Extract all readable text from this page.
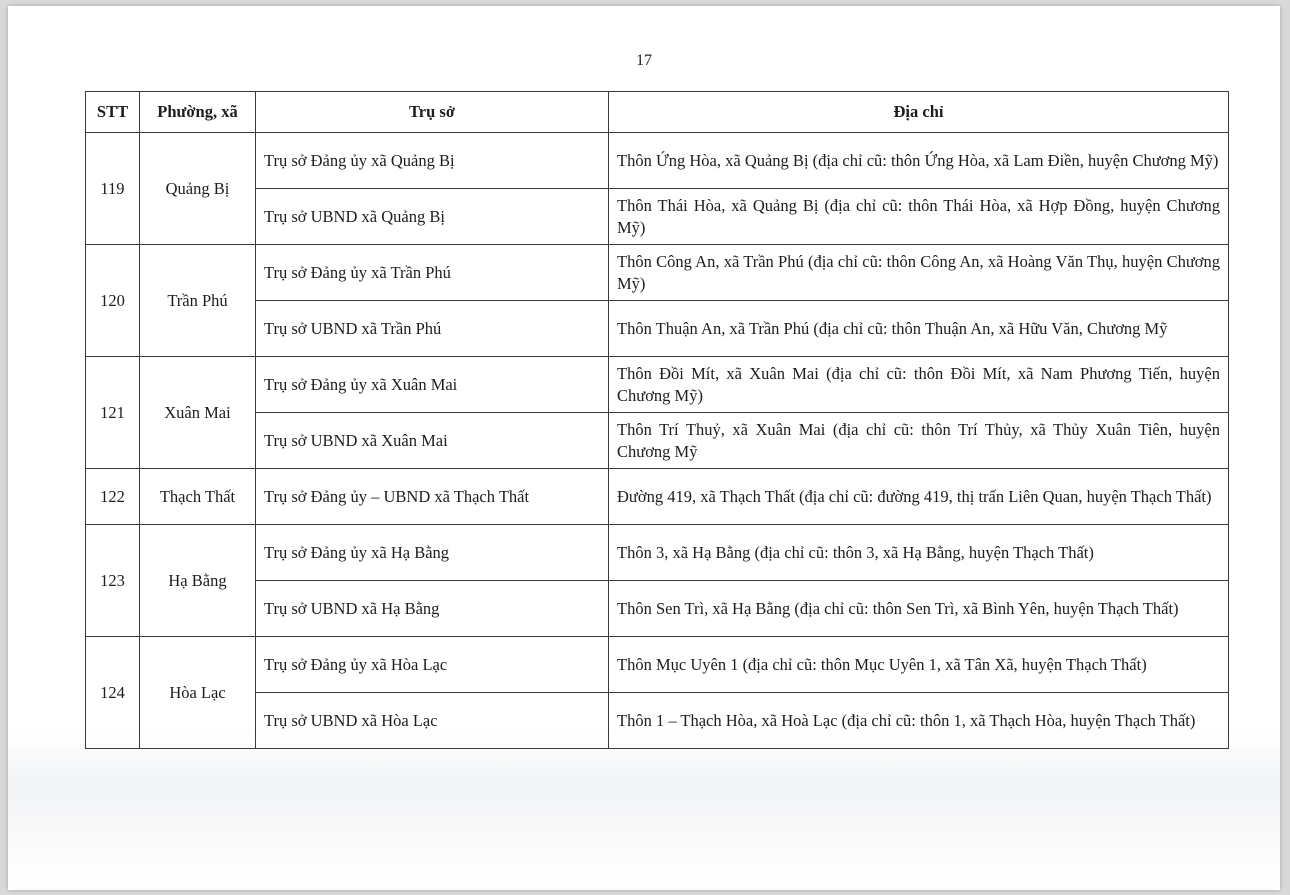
17
STT	Phường, xã	Trụ sở	Địa chỉ
119	Quảng Bị	Trụ sở Đảng ủy xã Quảng Bị	Thôn Ứng Hòa, xã Quảng Bị (địa chỉ cũ: thôn Ứng Hòa, xã Lam Điền, huyện Chương Mỹ)
		Trụ sở UBND xã Quảng Bị	Thôn Thái Hòa, xã Quảng Bị (địa chỉ cũ: thôn Thái Hòa, xã Hợp Đồng, huyện Chương Mỹ)
120	Trần Phú	Trụ sở Đảng ủy xã Trần Phú	Thôn Công An, xã Trần Phú (địa chỉ cũ: thôn Công An, xã Hoàng Văn Thụ, huyện Chương Mỹ)
		Trụ sở UBND xã Trần Phú	Thôn Thuận An, xã Trần Phú (địa chỉ cũ: thôn Thuận An, xã Hữu Văn, Chương Mỹ
121	Xuân Mai	Trụ sở Đảng ủy xã Xuân Mai	Thôn Đồi Mít, xã Xuân Mai (địa chỉ cũ: thôn Đồi Mít, xã Nam Phương Tiến, huyện Chương Mỹ)
		Trụ sở UBND xã Xuân Mai	Thôn Trí Thuỷ, xã Xuân Mai (địa chỉ cũ: thôn Trí Thủy, xã Thủy Xuân Tiên, huyện Chương Mỹ
122	Thạch Thất	Trụ sở Đảng ủy – UBND xã Thạch Thất	Đường 419, xã Thạch Thất (địa chỉ cũ: đường 419, thị trấn Liên Quan, huyện Thạch Thất)
123	Hạ Bằng	Trụ sở Đảng ủy xã Hạ Bằng	Thôn 3, xã Hạ Bằng (địa chỉ cũ: thôn 3, xã Hạ Bằng, huyện Thạch Thất)
		Trụ sở UBND xã Hạ Bằng	Thôn Sen Trì, xã Hạ Bằng (địa chỉ cũ: thôn Sen Trì, xã Bình Yên, huyện Thạch Thất)
124	Hòa Lạc	Trụ sở Đảng ủy xã Hòa Lạc	Thôn Mục Uyên 1 (địa chỉ cũ: thôn Mục Uyên 1, xã Tân Xã, huyện Thạch Thất)
		Trụ sở UBND xã Hòa Lạc	Thôn 1 – Thạch Hòa, xã Hoà Lạc (địa chỉ cũ: thôn 1, xã Thạch Hòa, huyện Thạch Thất)
